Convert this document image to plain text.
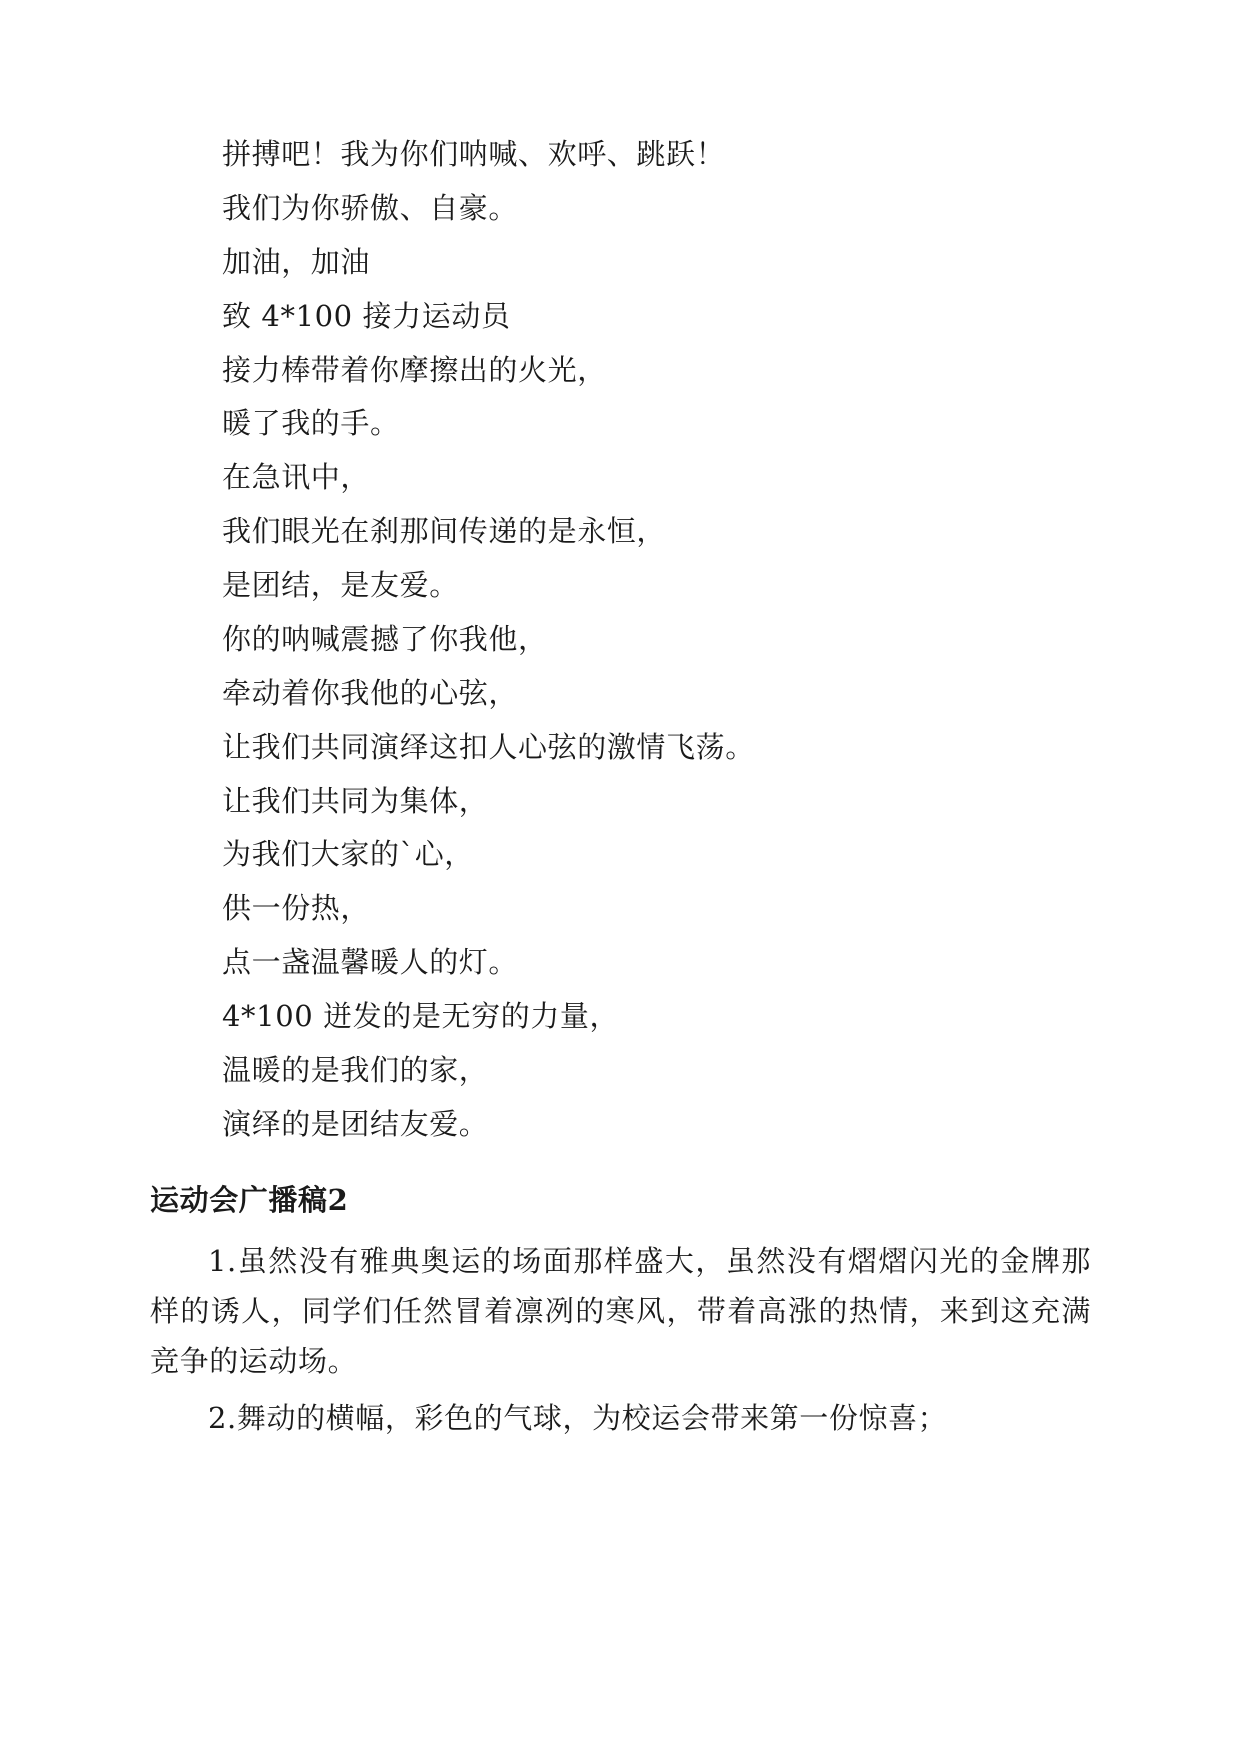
拼搏吧！我为你们呐喊、欢呼、跳跃！

我们为你骄傲、自豪。

加油，加油

致 4*100 接力运动员

接力棒带着你摩擦出的火光，

暖了我的手。

在急讯中，

我们眼光在刹那间传递的是永恒，

是团结，是友爱。

你的呐喊震撼了你我他，

牵动着你我他的心弦，

让我们共同演绎这扣人心弦的激情飞荡。

让我们共同为集体，

为我们大家的`心，

供一份热，

点一盏温馨暖人的灯。

4*100 迸发的是无穷的力量，

温暖的是我们的家，

演绎的是团结友爱。

运动会广播稿2

1.虽然没有雅典奥运的场面那样盛大，虽然没有熠熠闪光的金牌那样的诱人，同学们任然冒着凛冽的寒风，带着高涨的热情，来到这充满竞争的运动场。

2.舞动的横幅，彩色的气球，为校运会带来第一份惊喜；
